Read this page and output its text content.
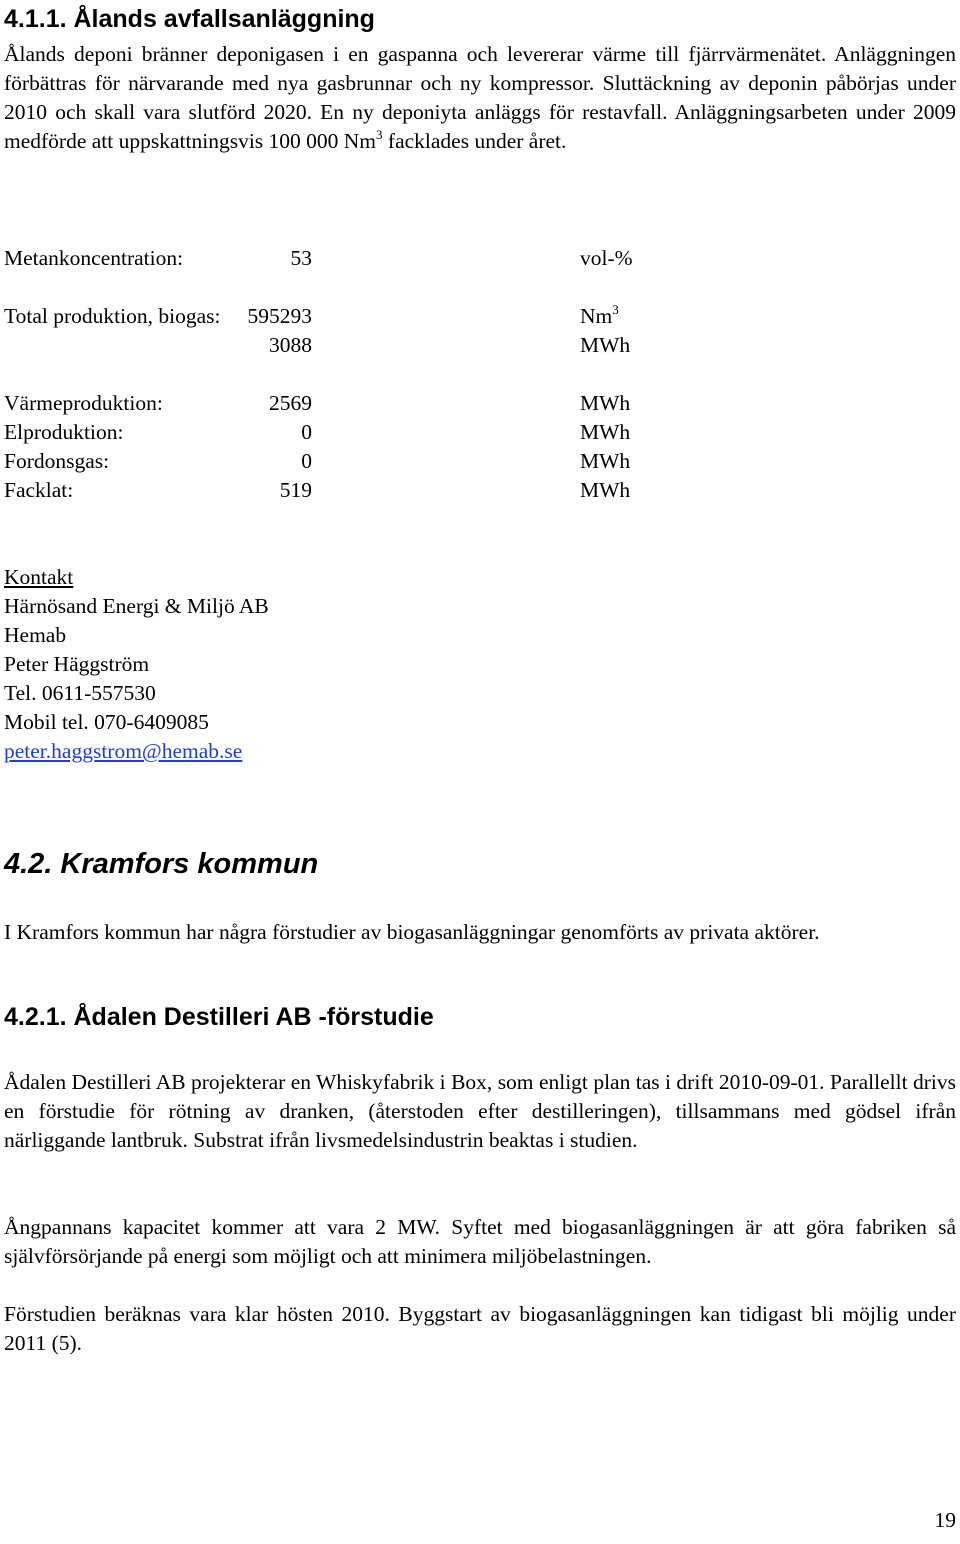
4.1.1. Ålands avfallsanläggning

Ålands deponi bränner deponigasen i en gaspanna och levererar värme till fjärrvärmenätet. Anläggningen förbättras för närvarande med nya gasbrunnar och ny kompressor. Sluttäckning av deponin påbörjas under 2010 och skall vara slutförd 2020. En ny deponiyta anläggs för restavfall. Anläggningsarbeten under 2009 medförde att uppskattningsvis 100 000 Nm$^3$ facklades under året.

Metankoncentration:	53	vol-%
Total produktion, biogas: 595293	Nm$^3$
3088	MWh
Värmeproduktion:	2569	MWh
Elproduktion:	0	MWh
Fordonsgas:	0	MWh
Facklat:	519	MWh
Kontakt
Härnösand Energi & Miljö AB
Hemab
Peter Häggström
Tel. 0611-557530
Mobil tel. 070-6409085
peter.haggstrom@hemab.se
4.2. Kramfors kommun

I Kramfors kommun har några förstudier av biogasanläggningar genomförts av privata aktörer.

4.2.1. Ådalen Destilleri AB -förstudie

Ådalen Destilleri AB projekterar en Whiskyfabrik i Box, som enligt plan tas i drift 2010-09-01. Parallellt drivs en förstudie för rötning av dranken, (återstoden efter destilleringen), tillsammans med gödsel ifrån närliggande lantbruk. Substrat ifrån livsmedelsindustrin beaktas i studien.

Ångpannans kapacitet kommer att vara 2 MW. Syftet med biogasanläggningen är att göra fabriken så självförsörjande på energi som möjligt och att minimera miljöbelastningen.

Förstudien beräknas vara klar hösten 2010. Byggstart av biogasanläggningen kan tidigast bli möjlig under 2011 (5).

19
